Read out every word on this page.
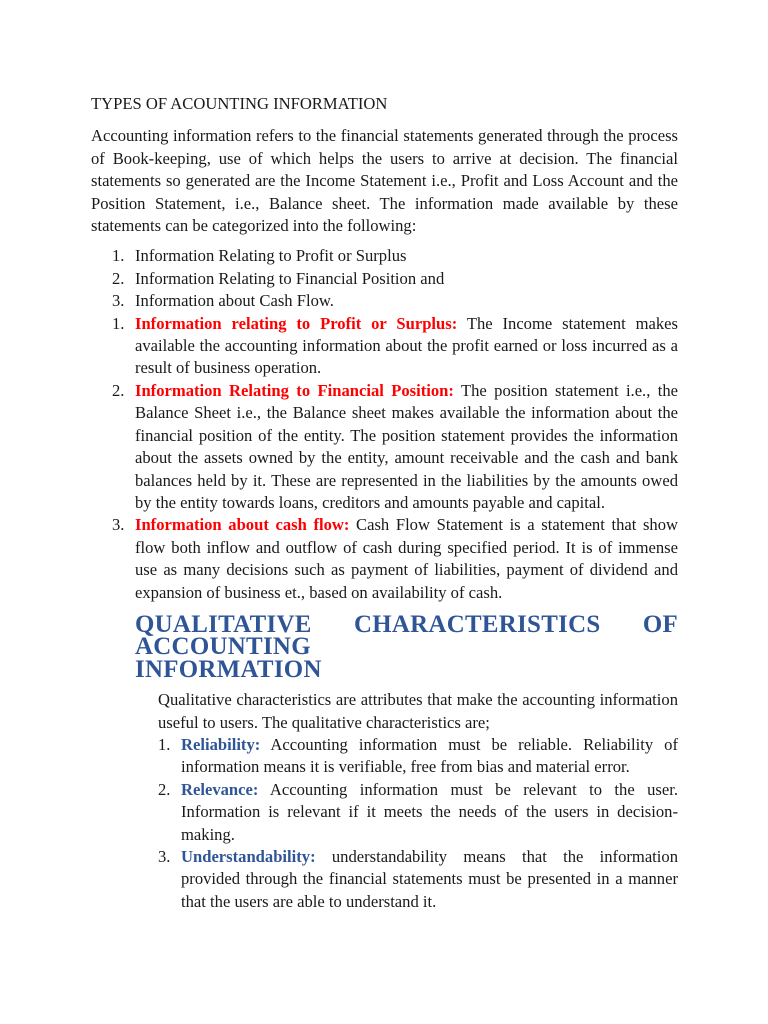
TYPES OF ACOUNTING INFORMATION

Accounting information refers to the financial statements generated through the process of Book-keeping, use of which helps the users to arrive at decision. The financial statements so generated are the Income Statement i.e., Profit and Loss Account and the Position Statement, i.e., Balance sheet. The information made available by these statements can be categorized into the following:

1. Information Relating to Profit or Surplus
2. Information Relating to Financial Position and
3. Information about Cash Flow.
1. Information relating to Profit or Surplus: The Income statement makes available the accounting information about the profit earned or loss incurred as a result of business operation.
2. Information Relating to Financial Position: The position statement i.e., the Balance Sheet i.e., the Balance sheet makes available the information about the financial position of the entity. The position statement provides the information about the assets owned by the entity, amount receivable and the cash and bank balances held by it. These are represented in the liabilities by the amounts owed by the entity towards loans, creditors and amounts payable and capital.
3. Information about cash flow: Cash Flow Statement is a statement that show flow both inflow and outflow of cash during specified period. It is of immense use as many decisions such as payment of liabilities, payment of dividend and expansion of business et., based on availability of cash.
QUALITATIVE CHARACTERISTICS OF ACCOUNTING
INFORMATION

Qualitative characteristics are attributes that make the accounting information useful to users. The qualitative characteristics are;

1. Reliability: Accounting information must be reliable. Reliability of information means it is verifiable, free from bias and material error.
2. Relevance: Accounting information must be relevant to the user. Information is relevant if it meets the needs of the users in decision-making.
3. Understandability: understandability means that the information provided through the financial statements must be presented in a manner that the users are able to understand it.
